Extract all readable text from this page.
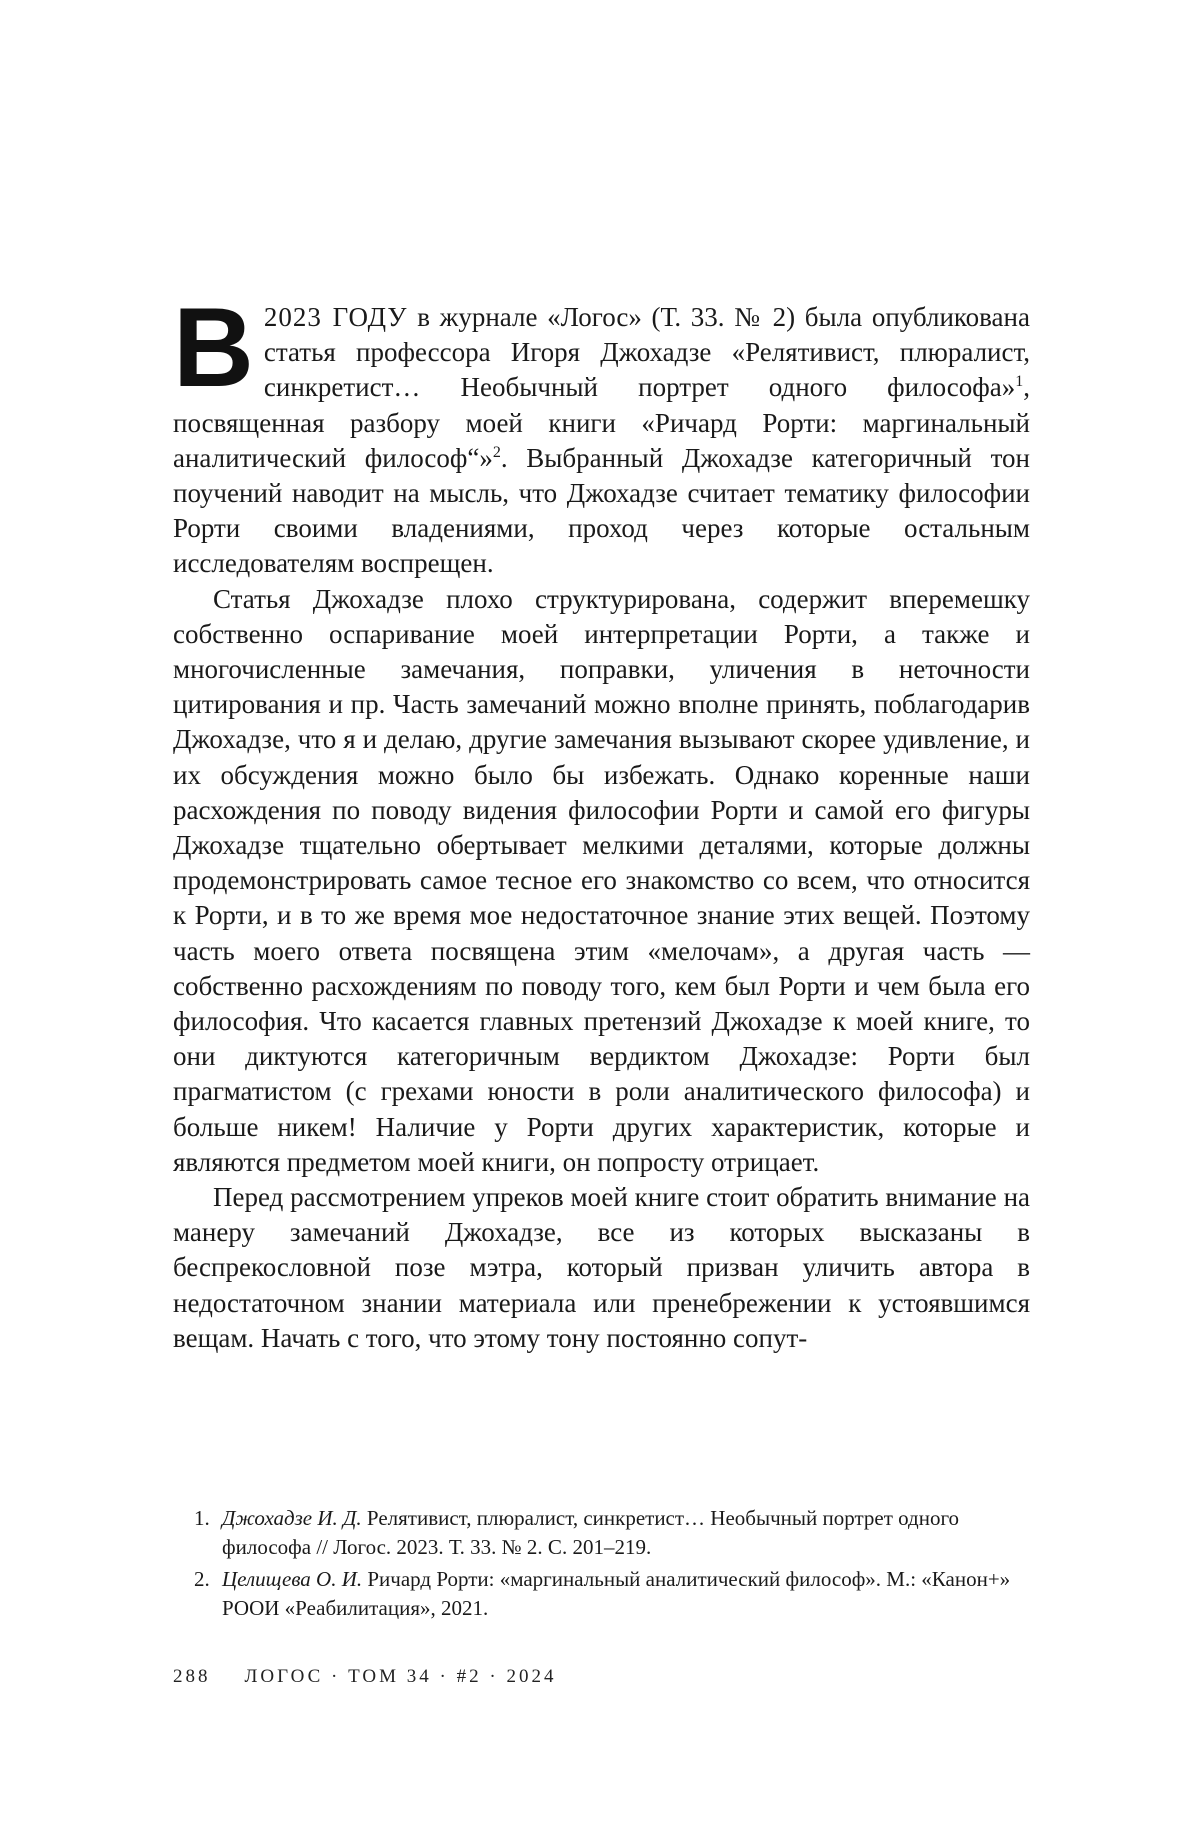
В 2023 ГОДУ в журнале «Логос» (Т. 33. № 2) была опубликована статья профессора Игоря Джохадзе «Релятивист, плюралист, синкретист… Необычный портрет одного философа»$^1$, посвященная разбору моей книги «Ричард Рорти: маргинальный аналитический философ“»$^2$. Выбранный Джохадзе категоричный тон поучений наводит на мысль, что Джохадзе считает тематику философии Рорти своими владениями, проход через которые остальным исследователям воспрещен.

Статья Джохадзе плохо структурирована, содержит вперемешку собственно оспаривание моей интерпретации Рорти, а также и многочисленные замечания, поправки, уличения в неточности цитирования и пр. Часть замечаний можно вполне принять, поблагодарив Джохадзе, что я и делаю, другие замечания вызывают скорее удивление, и их обсуждения можно было бы избежать. Однако коренные наши расхождения по поводу видения философии Рорти и самой его фигуры Джохадзе тщательно обертывает мелкими деталями, которые должны продемонстрировать самое тесное его знакомство со всем, что относится к Рорти, и в то же время мое недостаточное знание этих вещей. Поэтому часть моего ответа посвящена этим «мелочам», а другая часть — собственно расхождениям по поводу того, кем был Рорти и чем была его философия. Что касается главных претензий Джохадзе к моей книге, то они диктуются категоричным вердиктом Джохадзе: Рорти был прагматистом (с грехами юности в роли аналитического философа) и больше никем! Наличие у Рорти других характеристик, которые и являются предметом моей книги, он попросту отрицает.

Перед рассмотрением упреков моей книге стоит обратить внимание на манеру замечаний Джохадзе, все из которых высказаны в беспрекословной позе мэтра, который призван уличить автора в недостаточном знании материала или пренебрежении к устоявшимся вещам. Начать с того, что этому тону постоянно сопут-

1. Джохадзе И. Д. Релятивист, плюралист, синкретист… Необычный портрет одного философа // Логос. 2023. Т. 33. № 2. С. 201–219.
2. Целищева О. И. Ричард Рорти: «маргинальный аналитический философ». М.: «Канон+» РООИ «Реабилитация», 2021.
288 ЛОГОС · ТОМ 34 · #2 · 2024
